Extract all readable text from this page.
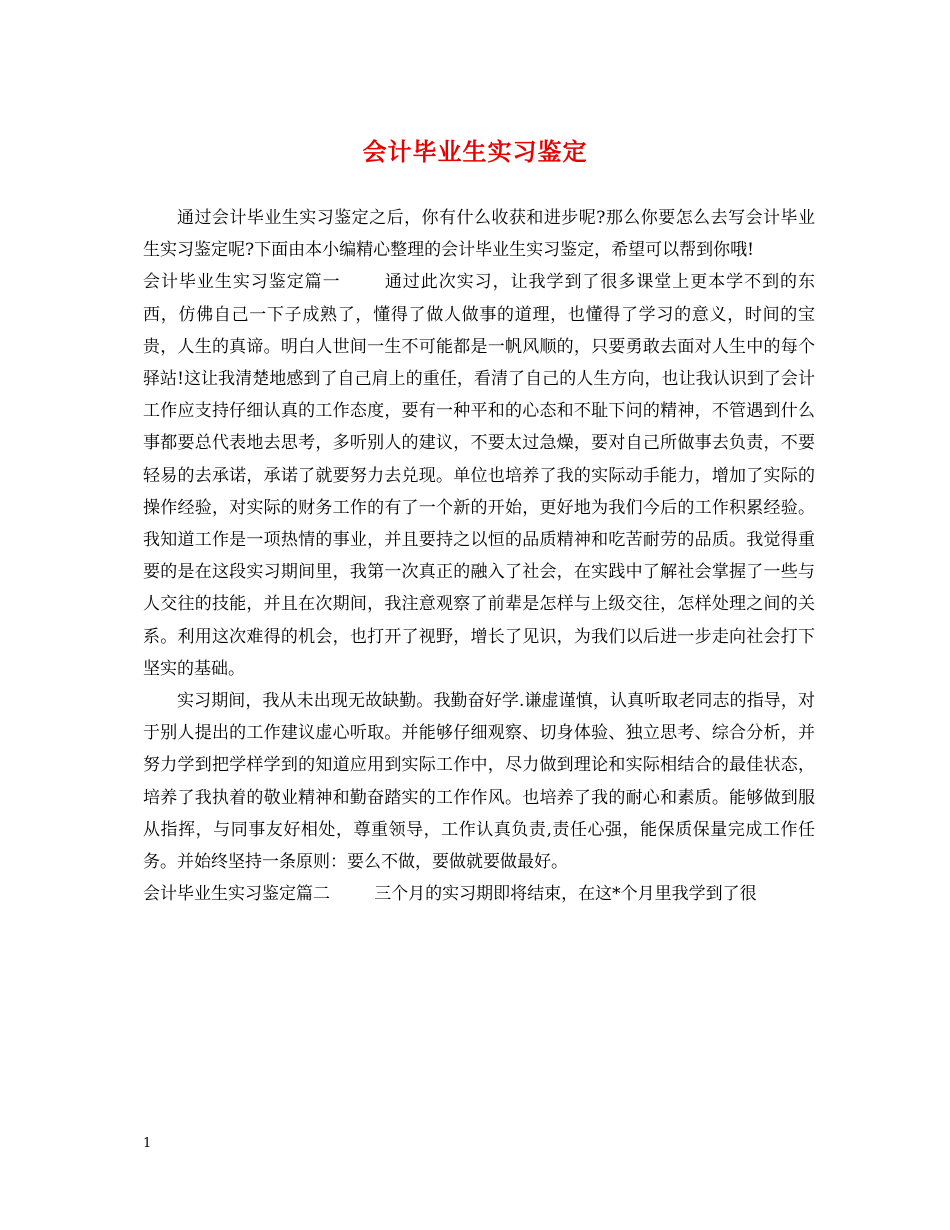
会计毕业生实习鉴定

通过会计毕业生实习鉴定之后，你有什么收获和进步呢?那么你要怎么去写会计毕业生实习鉴定呢?下面由本小编精心整理的会计毕业生实习鉴定，希望可以帮到你哦!

会计毕业生实习鉴定篇一	通过此次实习，让我学到了很多课堂上更本学不到的东西，仿佛自己一下子成熟了，懂得了做人做事的道理，也懂得了学习的意义，时间的宝贵，人生的真谛。明白人世间一生不可能都是一帆风顺的，只要勇敢去面对人生中的每个驿站!这让我清楚地感到了自己肩上的重任，看清了自己的人生方向，也让我认识到了会计工作应支持仔细认真的工作态度，要有一种平和的心态和不耻下问的精神，不管遇到什么事都要总代表地去思考，多听别人的建议，不要太过急燥，要对自己所做事去负责，不要轻易的去承诺，承诺了就要努力去兑现。单位也培养了我的实际动手能力，增加了实际的操作经验，对实际的财务工作的有了一个新的开始，更好地为我们今后的工作积累经验。我知道工作是一项热情的事业，并且要持之以恒的品质精神和吃苦耐劳的品质。我觉得重要的是在这段实习期间里，我第一次真正的融入了社会，在实践中了解社会掌握了一些与人交往的技能，并且在次期间，我注意观察了前辈是怎样与上级交往，怎样处理之间的关系。利用这次难得的机会，也打开了视野，增长了见识，为我们以后进一步走向社会打下坚实的基础。

实习期间，我从未出现无故缺勤。我勤奋好学.谦虚谨慎，认真听取老同志的指导，对于别人提出的工作建议虚心听取。并能够仔细观察、切身体验、独立思考、综合分析，并努力学到把学样学到的知道应用到实际工作中，尽力做到理论和实际相结合的最佳状态，培养了我执着的敬业精神和勤奋踏实的工作作风。也培养了我的耐心和素质。能够做到服从指挥，与同事友好相处，尊重领导，工作认真负责,责任心强，能保质保量完成工作任务。并始终坚持一条原则：要么不做，要做就要做最好。

会计毕业生实习鉴定篇二	三个月的实习期即将结束，在这*个月里我学到了很

1
